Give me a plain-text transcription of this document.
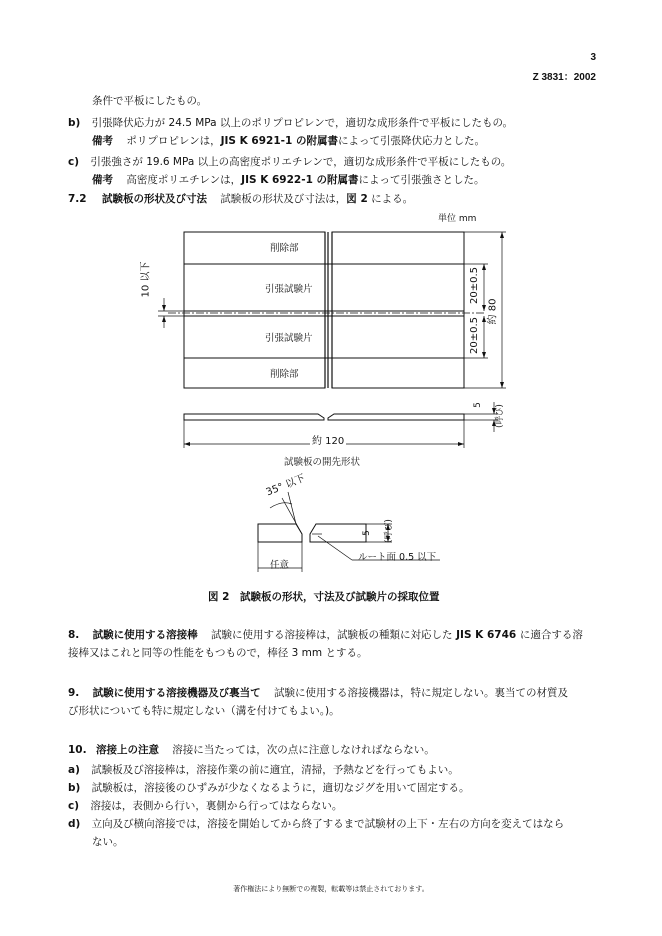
3
Z 3831：2002
条件で平板にしたもの。
b) 引張降伏応力が 24.5 MPa 以上のポリプロピレンで，適切な成形条件で平板にしたもの。
備考 ポリプロピレンは，JIS K 6921-1 の附属書によって引張降伏応力とした。
c) 引張強さが 19.6 MPa 以上の高密度ポリエチレンで，適切な成形条件で平板にしたもの。
備考 高密度ポリエチレンは，JIS K 6922-1 の附属書によって引張強さとした。
7.2 試験板の形状及び寸法 試験板の形状及び寸法は，図 2 による。
単位 mm
削除部
引張試験片
引張試験片
削除部
10 以下	20±0.5
20±0.5
約 80
5 (呼び)
約 120
試験板の開先形状
35° 以下
5 (呼び)
任意
ルート面 0.5 以下
図 2　試験板の形状，寸法及び試験片の採取位置
8. 試験に使用する溶接棒 試験に使用する溶接棒は，試験板の種類に対応した JIS K 6746 に適合する溶
接棒又はこれと同等の性能をもつもので，棒径 3 mm とする。
9. 試験に使用する溶接機器及び裏当て 試験に使用する溶接機器は，特に規定しない。裏当ての材質及
び形状についても特に規定しない（溝を付けてもよい。)。
10. 溶接上の注意 溶接に当たっては，次の点に注意しなければならない。
a) 試験板及び溶接棒は，溶接作業の前に適宜，清掃，予熱などを行ってもよい。
b) 試験板は，溶接後のひずみが少なくなるように，適切なジグを用いて固定する。
c) 溶接は，表側から行い，裏側から行ってはならない。
d) 立向及び横向溶接では，溶接を開始してから終了するまで試験材の上下・左右の方向を変えてはなら
ない。
著作権法により無断での複製，転載等は禁止されております。
